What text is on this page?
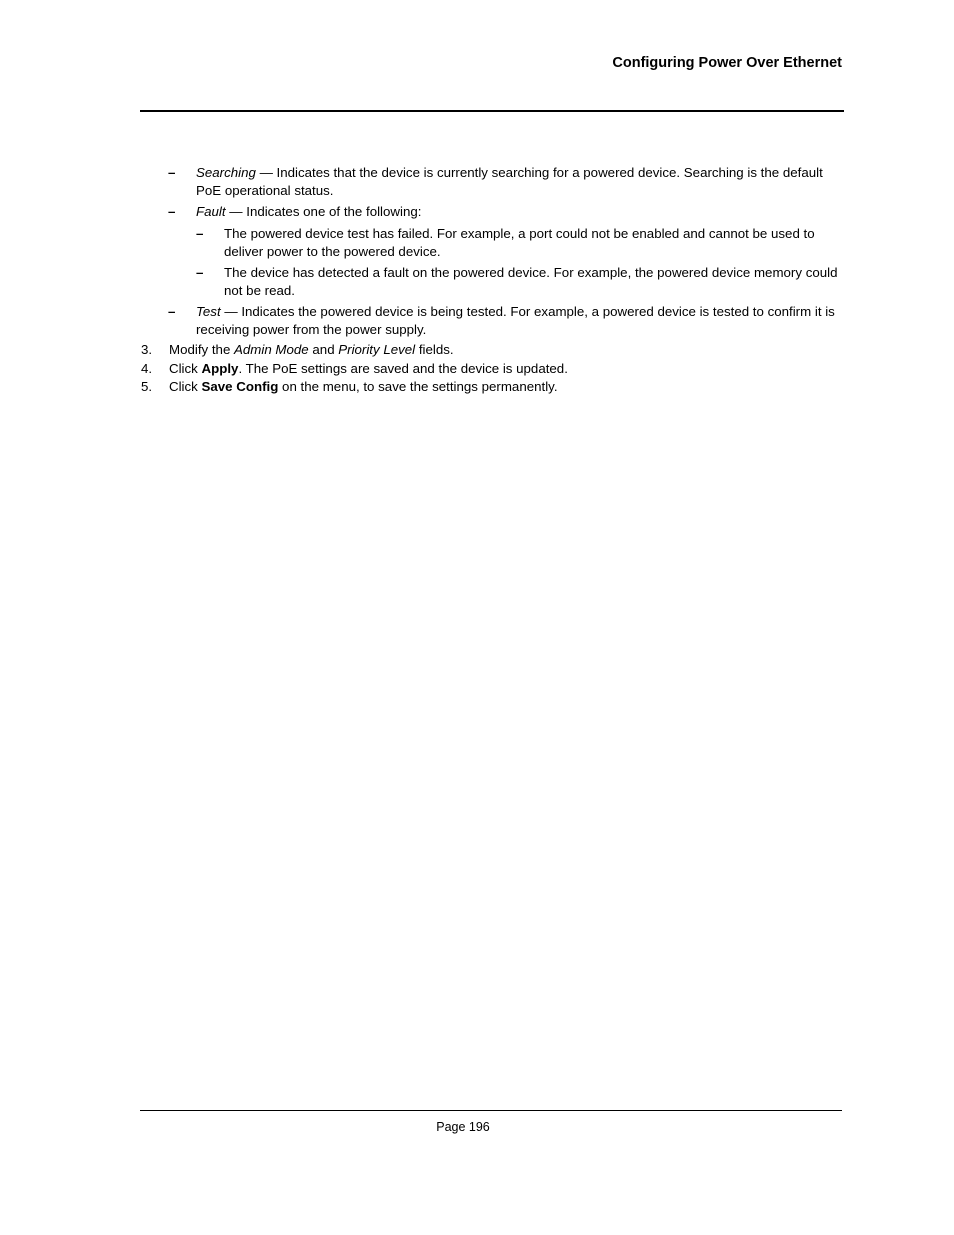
Configuring Power Over Ethernet
– Searching — Indicates that the device is currently searching for a powered device. Searching is the default PoE operational status.
– Fault — Indicates one of the following:
– The powered device test has failed. For example, a port could not be enabled and cannot be used to deliver power to the powered device.
– The device has detected a fault on the powered device. For example, the powered device memory could not be read.
– Test — Indicates the powered device is being tested. For example, a powered device is tested to confirm it is receiving power from the power supply.
3. Modify the Admin Mode and Priority Level fields.
4. Click Apply. The PoE settings are saved and the device is updated.
5. Click Save Config on the menu, to save the settings permanently.
Page 196
